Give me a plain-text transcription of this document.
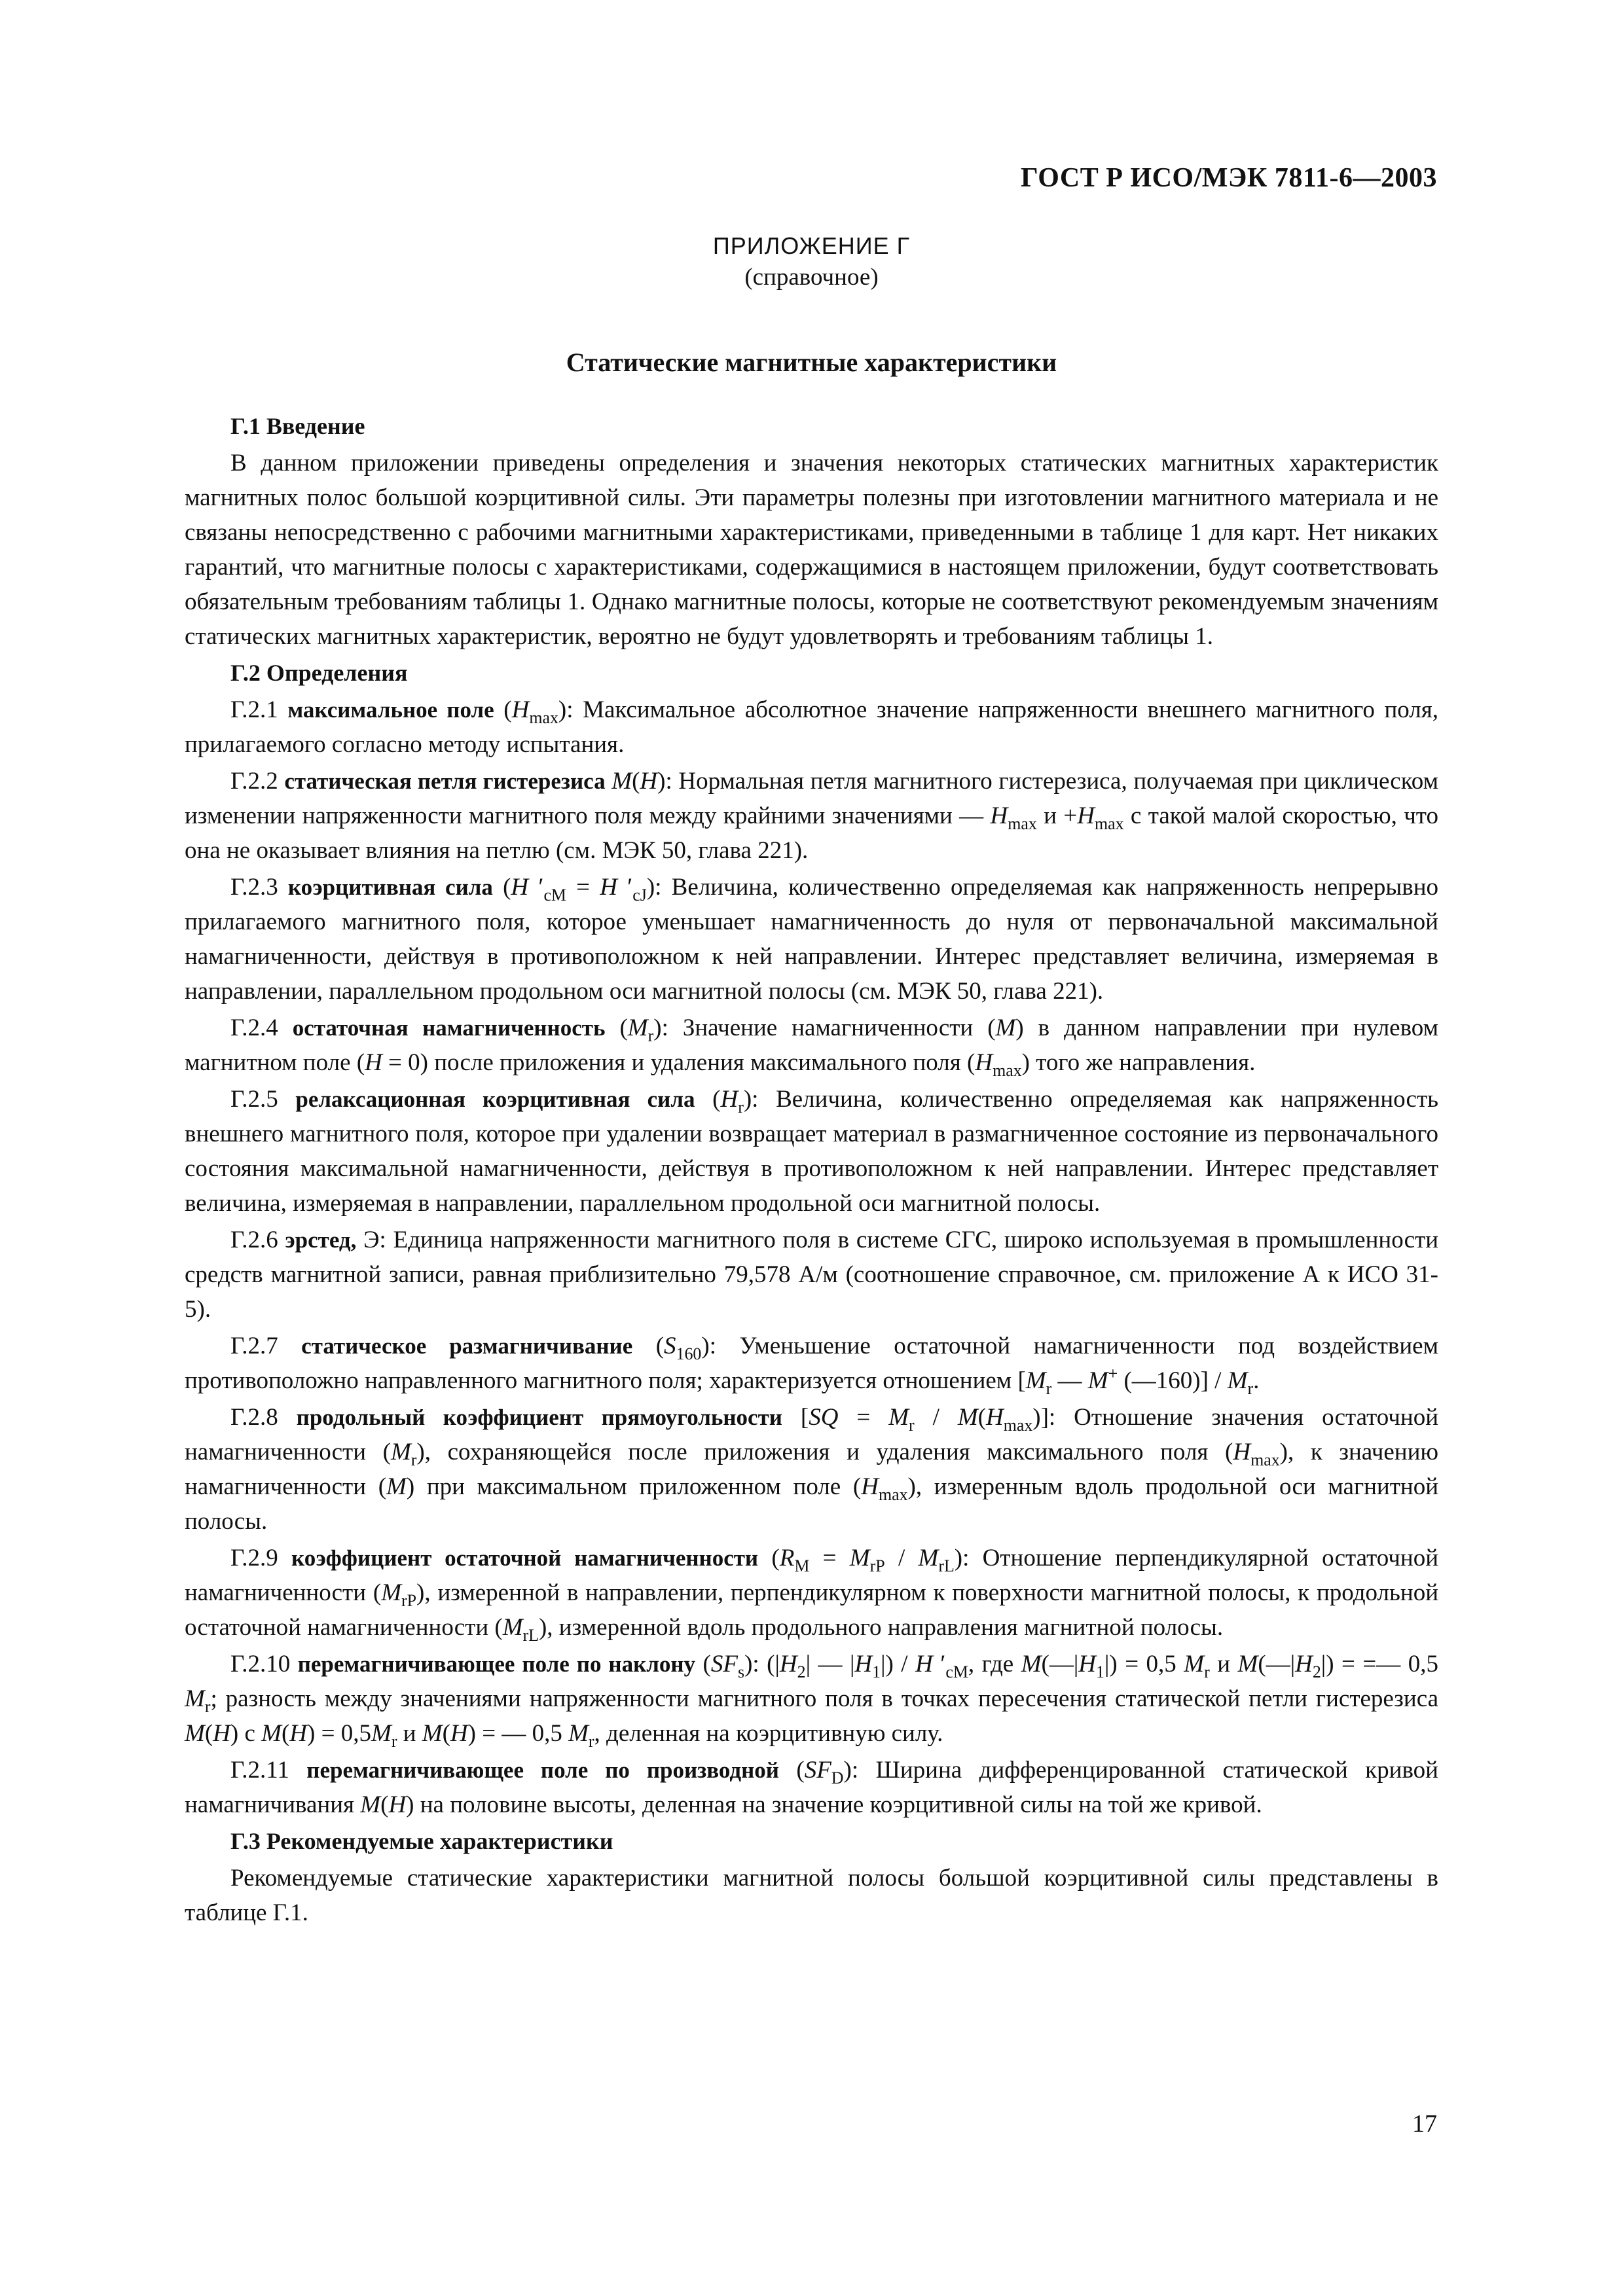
ГОСТ Р ИСО/МЭК 7811-6—2003
ПРИЛОЖЕНИЕ Г
(справочное)
Статические магнитные характеристики
Г.1 Введение

В данном приложении приведены определения и значения некоторых статических магнитных характеристик магнитных полос большой коэрцитивной силы. Эти параметры полезны при изготовлении магнитного материала и не связаны непосредственно с рабочими магнитными характеристиками, приведенными в таблице 1 для карт. Нет никаких гарантий, что магнитные полосы с характеристиками, содержащимися в настоящем приложении, будут соответствовать обязательным требованиям таблицы 1. Однако магнитные полосы, которые не соответствуют рекомендуемым значениям статических магнитных характеристик, вероятно не будут удовлетворять и требованиям таблицы 1.

Г.2 Определения

Г.2.1 максимальное поле $(H_{max})$: Максимальное абсолютное значение напряженности внешнего магнитного поля, прилагаемого согласно методу испытания.

Г.2.2 статическая петля гистерезиса M(H): Нормальная петля магнитного гистерезиса, получаемая при циклическом изменении напряженности магнитного поля между крайними значениями — $H_{max}$ $и +H_{max}$ с такой малой скоростью, что она не оказывает влияния на петлю (см. МЭК 50, глава 221).

Г.2.3 коэрцитивная сила (H $'_{cM} = H$ $'_{cJ}$): Величина, количественно определяемая как напряженность непрерывно прилагаемого магнитного поля, которое уменьшает намагниченность до нуля от первоначальной максимальной намагниченности, действуя в противоположном к ней направлении. Интерес представляет величина, измеряемая в направлении, параллельном продольном оси магнитной полосы (см. МЭК 50, глава 221).

Г.2.4 остаточная намагниченность $(M_r)$: Значение намагниченности (M) в данном направлении при нулевом магнитном поле (H = 0) после приложения и удаления максимального поля $(H_{max})$ того же направления.

Г.2.5 релаксационная коэрцитивная сила $(H_r)$: Величина, количественно определяемая как напряженность внешнего магнитного поля, которое при удалении возвращает материал в размагниченное состояние из первоначального состояния максимальной намагниченности, действуя в противоположном к ней направлении. Интерес представляет величина, измеряемая в направлении, параллельном продольной оси магнитной полосы.

Г.2.6 эрстед, Э: Единица напряженности магнитного поля в системе СГС, широко используемая в промышленности средств магнитной записи, равная приблизительно 79,578 А/м (соотношение справочное, см. приложение А к ИСО 31-5).

Г.2.7 статическое размагничивание $(S_{160})$: Уменьшение остаточной намагниченности под воздействием противоположно направленного магнитного поля; характеризуется отношением [$M_r$ — M+ (—160)] / $M_r$.

Г.2.8 продольный коэффициент прямоугольности $[SQ = M_r / M(H_{max})]$: Отношение значения остаточной намагниченности $(M_r)$, сохраняющейся после приложения и удаления максимального поля $(H_{max})$, к значению намагниченности (M) при максимальном приложенном поле $(H_{max})$, измеренным вдоль продольной оси магнитной полосы.

Г.2.9 коэффициент остаточной намагниченности $(R_M = M_{rP} / M_{rL})$: Отношение перпендикулярной остаточной намагниченности $(M_{rP})$, измеренной в направлении, перпендикулярном к поверхности магнитной полосы, к продольной остаточной намагниченности $(M_{rL})$, измеренной вдоль продольного направления магнитной полосы.

Г.2.10 перемагничивающее поле по наклону $(SF_s)$: ($|H_2|$ — $|H_1|$) / H $'_{cM}$, где $M(—|H_1|) = 0,5$ $M_r$ и $M(—|H_2|)$ = =— 0,5 $M_r$; разность между значениями напряженности магнитного поля в точках пересечения статической петли гистерезиса M(H) с $M(H) = 0,5M_r$ и M(H) = — 0,5 $M_r$, деленная на коэрцитивную силу.

Г.2.11 перемагничивающее поле по производной $(SF_D)$: Ширина дифференцированной статической кривой намагничивания M(H) на половине высоты, деленная на значение коэрцитивной силы на той же кривой.

Г.3 Рекомендуемые характеристики

Рекомендуемые статические характеристики магнитной полосы большой коэрцитивной силы представлены в таблице Г.1.

17
